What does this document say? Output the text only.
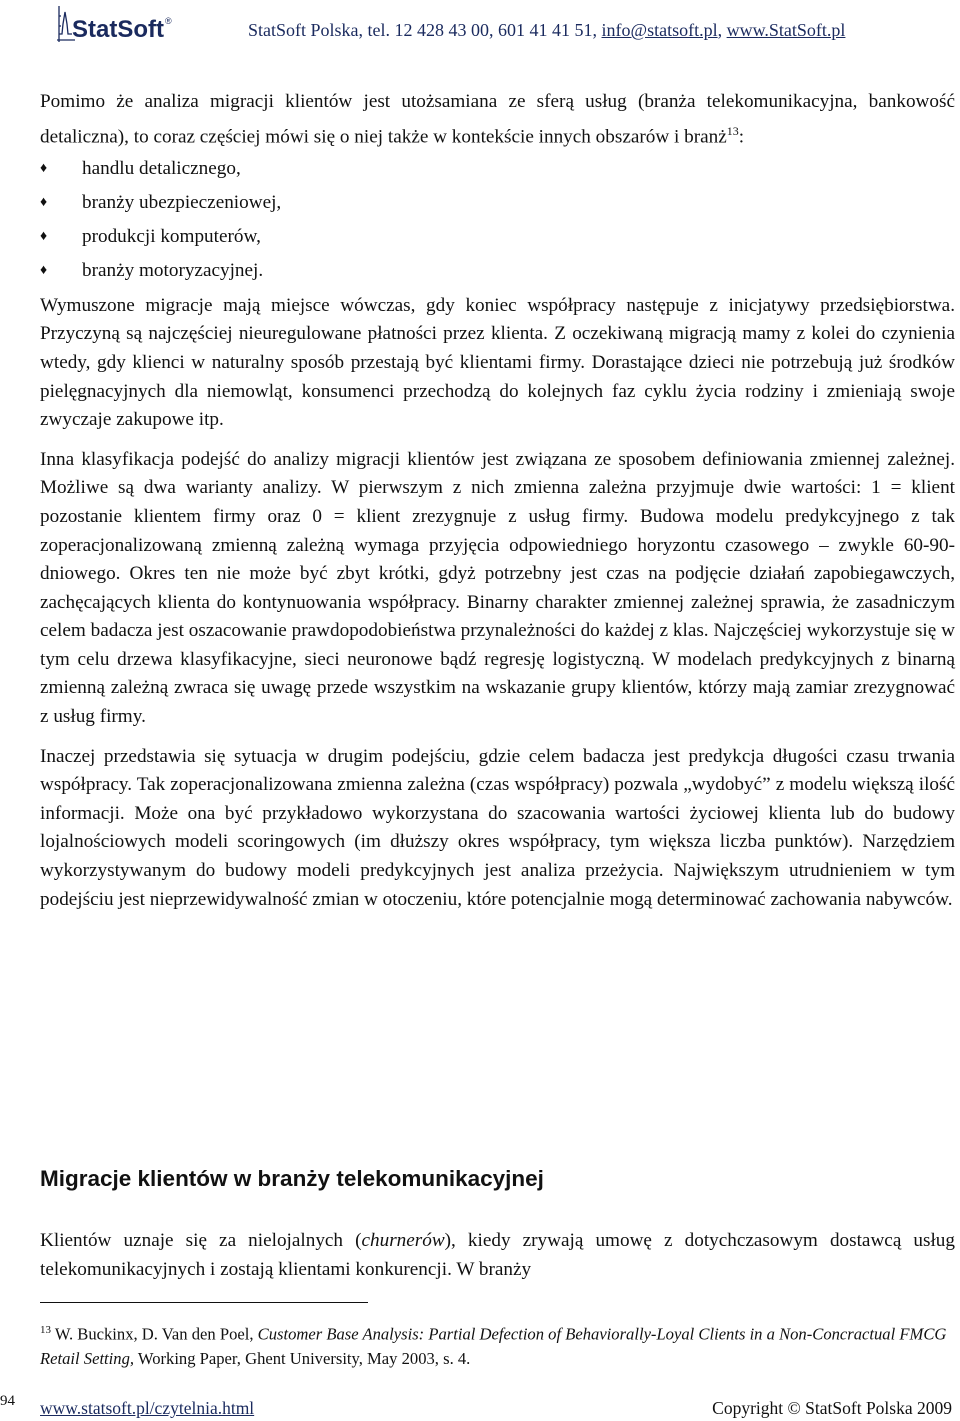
StatSoft®	StatSoft Polska, tel. 12 428 43 00, 601 41 41 51, info@statsoft.pl, www.StatSoft.pl

Pomimo że analiza migracji klientów jest utożsamiana ze sferą usług (branża telekomunikacyjna, bankowość detaliczna), to coraz częściej mówi się o niej także w kontekście innych obszarów i branż$^{13}$:

♦ handlu detalicznego,
♦ branży ubezpieczeniowej,
♦ produkcji komputerów,
♦ branży motoryzacyjnej.

Wymuszone migracje mają miejsce wówczas, gdy koniec współpracy następuje z inicjatywy przedsiębiorstwa. Przyczyną są najczęściej nieuregulowane płatności przez klienta. Z oczekiwaną migracją mamy z kolei do czynienia wtedy, gdy klienci w naturalny sposób przestają być klientami firmy. Dorastające dzieci nie potrzebują już środków pielęgnacyjnych dla niemowląt, konsumenci przechodzą do kolejnych faz cyklu życia rodziny i zmieniają swoje zwyczaje zakupowe itp.

Inna klasyfikacja podejść do analizy migracji klientów jest związana ze sposobem definiowania zmiennej zależnej. Możliwe są dwa warianty analizy. W pierwszym z nich zmienna zależna przyjmuje dwie wartości: 1 = klient pozostanie klientem firmy oraz 0 = klient zrezygnuje z usług firmy. Budowa modelu predykcyjnego z tak zoperacjonalizowaną zmienną zależną wymaga przyjęcia odpowiedniego horyzontu czasowego – zwykle 60-90-dniowego. Okres ten nie może być zbyt krótki, gdyż potrzebny jest czas na podjęcie działań zapobiegawczych, zachęcających klienta do kontynuowania współpracy. Binarny charakter zmiennej zależnej sprawia, że zasadniczym celem badacza jest oszacowanie prawdopodobieństwa przynależności do każdej z klas. Najczęściej wykorzystuje się w tym celu drzewa klasyfikacyjne, sieci neuronowe bądź regresję logistyczną. W modelach predykcyjnych z binarną zmienną zależną zwraca się uwagę przede wszystkim na wskazanie grupy klientów, którzy mają zamiar zrezygnować z usług firmy.

Inaczej przedstawia się sytuacja w drugim podejściu, gdzie celem badacza jest predykcja długości czasu trwania współpracy. Tak zoperacjonalizowana zmienna zależna (czas współpracy) pozwala „wydobyć” z modelu większą ilość informacji. Może ona być przykładowo wykorzystana do szacowania wartości życiowej klienta lub do budowy lojalnościowych modeli scoringowych (im dłuższy okres współpracy, tym większa liczba punktów). Narzędziem wykorzystywanym do budowy modeli predykcyjnych jest analiza przeżycia. Największym utrudnieniem w tym podejściu jest nieprzewidywalność zmian w otoczeniu, które potencjalnie mogą determinować zachowania nabywców.

Migracje klientów w branży telekomunikacyjnej

Klientów uznaje się za nielojalnych (churnerów), kiedy zrywają umowę z dotychczasowym dostawcą usług telekomunikacyjnych i zostają klientami konkurencji. W branży

$^{13}$ W. Buckinx, D. Van den Poel, Customer Base Analysis: Partial Defection of Behaviorally-Loyal Clients in a Non-Concractual FMCG Retail Setting, Working Paper, Ghent University, May 2003, s. 4.
94 www.statsoft.pl/czytelnia.html	Copyright © StatSoft Polska 2009
